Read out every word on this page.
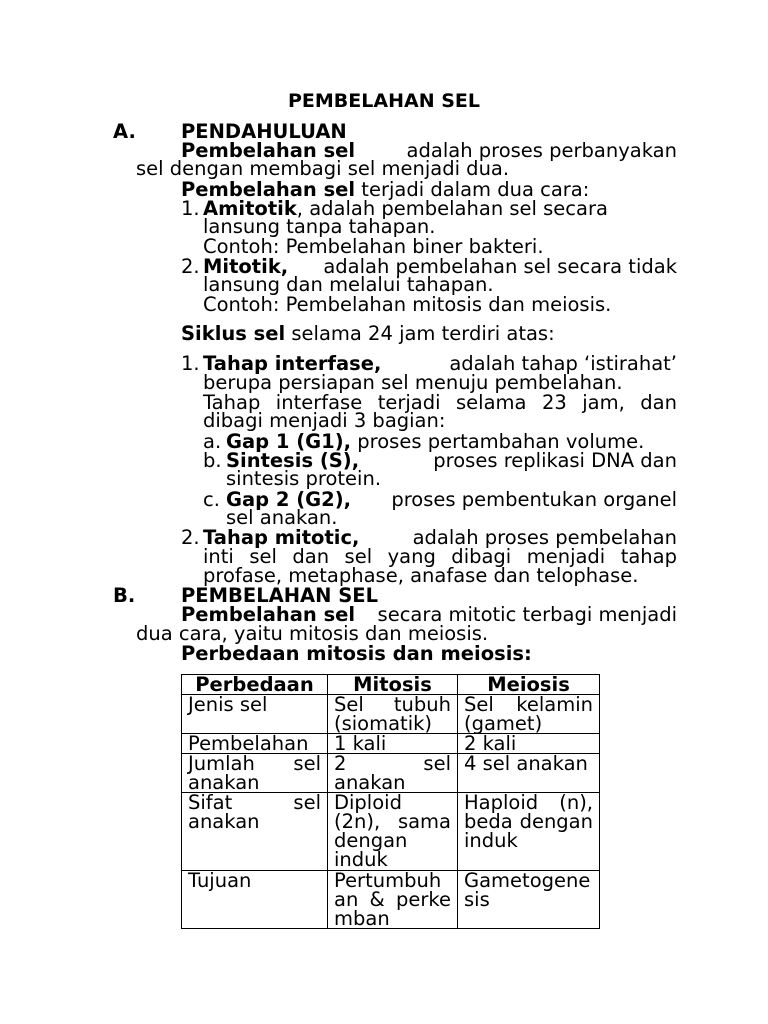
PEMBELAHAN SEL
A. PENDAHULUAN
Pembelahan sel	adalah proses perbanyakan
sel dengan membagi sel menjadi dua.
Pembelahan sel terjadi dalam dua cara:
1. Amitotik, adalah pembelahan sel secara
lansung tanpa tahapan.
Contoh: Pembelahan biner bakteri.
2. Mitotik, adalah pembelahan sel secara tidak
lansung dan melalui tahapan.
Contoh: Pembelahan mitosis dan meiosis.
Siklus sel selama 24 jam terdiri atas:
1. Tahap interfase,	adalah tahap ‘istirahat’
berupa persiapan sel menuju pembelahan.
Tahap interfase terjadi selama 23 jam, dan
dibagi menjadi 3 bagian:
a. Gap 1 (G1), proses pertambahan volume.
b. Sintesis (S),	proses replikasi DNA dan
sintesis protein.
c. Gap 2 (G2), proses pembentukan organel
sel anakan.
2. Tahap mitotic,	adalah proses pembelahan
inti sel dan sel yang dibagi menjadi tahap
profase, metaphase, anafase dan telophase.
B. PEMBELAHAN SEL
Pembelahan sel secara mitotic terbagi menjadi
dua cara, yaitu mitosis dan meiosis.
Perbedaan mitosis dan meiosis:
Perbedaan	Mitosis	Meiosis
Jenis sel	Sel tubuh (siomatik)	Sel kelamin (gamet)
Pembelahan	1 kali	2 kali
Jumlah sel anakan	2 sel anakan	4 sel anakan
Sifat sel anakan	Diploid (2n), sama dengan induk	Haploid (n), beda dengan induk
Tujuan	Pertumbuhan & perkemban	Gametogenesis
